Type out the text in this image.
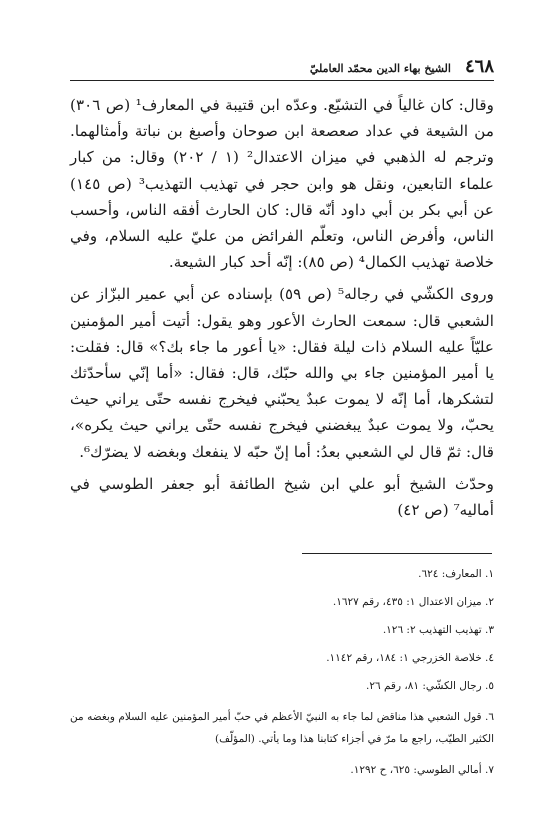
٤٦٨
الشيخ بهاء الدين محمّد العامليّ

وقال: كان غالياً في التشيّع. وعدّه ابن قتيبة في المعارف¹ (ص ٣٠٦) من الشيعة في عداد صعصعة ابن صوحان وأصبغ بن نباتة وأمثالهما. وترجم له الذهبي في ميزان الاعتدال² (١ / ٢٠٢) وقال: من كبار علماء التابعين، ونقل هو وابن حجر في تهذيب التهذيب³ (ص ١٤٥) عن أبي بكر بن أبي داود أنّه قال: كان الحارث أفقه الناس، وأحسب الناس، وأفرض الناس، وتعلّم الفرائض من عليّ عليه السلام، وفي خلاصة تهذيب الكمال⁴ (ص ٨٥): إنّه أحد كبار الشيعة.

وروى الكشّي في رجاله⁵ (ص ٥٩) بإسناده عن أبي عمير البزّاز عن الشعبي قال: سمعت الحارث الأعور وهو يقول: أتيت أمير المؤمنين عليّاً عليه السلام ذات ليلة فقال: «يا أعور ما جاء بك؟» قال: فقلت: يا أمير المؤمنين جاء بي والله حبّك، قال: فقال: «أما إنّي سأحدّثك لتشكرها، أما إنّه لا يموت عبدٌ يحبّني فيخرج نفسه حتّى يراني حيث يحبّ، ولا يموت عبدٌ يبغضني فيخرج نفسه حتّى يراني حيث يكره»، قال: ثمّ قال لي الشعبي بعدُ: أما إنّ حبّه لا ينفعك وبغضه لا يضرّك⁶.

وحدّث الشيخ أبو علي ابن شيخ الطائفة أبو جعفر الطوسي في أماليه⁷ (ص ٤٢)

١. المعارف: ٦٢٤.

٢. ميزان الاعتدال ١: ٤٣٥، رقم ١٦٢٧.

٣. تهذيب التهذيب ٢: ١٢٦.

٤. خلاصة الخزرجي ١: ١٨٤، رقم ١١٤٢.

٥. رجال الكشّي: ٨١، رقم ٢٦.

٦. قول الشعبي هذا مناقض لما جاء به النبيّ الأعظم في حبّ أمير المؤمنين عليه السلام وبغضه من الكثير الطيّب، راجع ما مرّ في أجزاء كتابنا هذا وما يأتي. (المؤلّف)

٧. أمالي الطوسي: ٦٢٥، ح ١٢٩٢.
